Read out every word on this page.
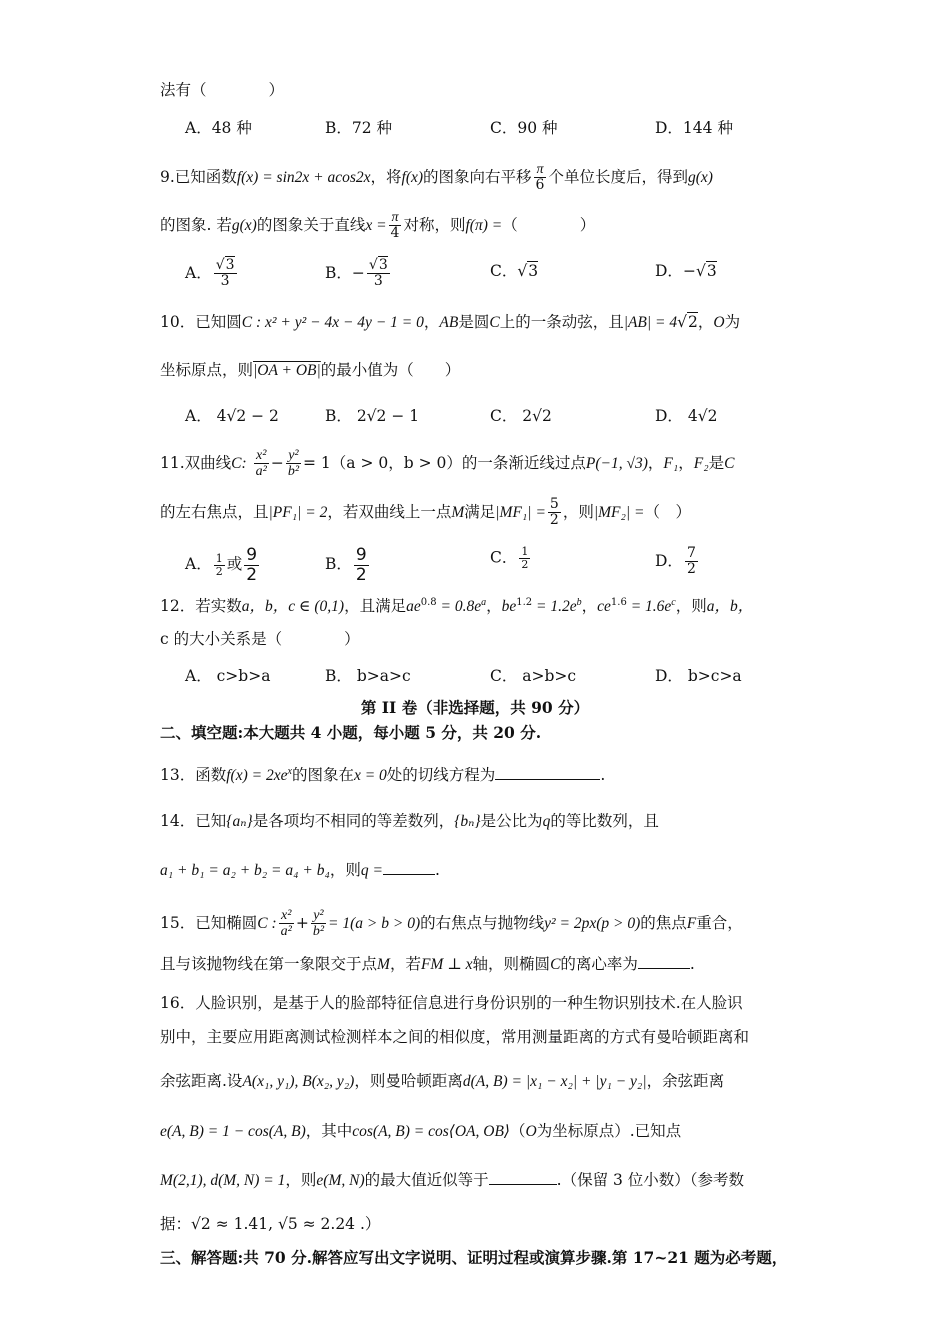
法有（　　　　）
A．48 种	B．72 种	C．90 种	D．144 种
9.已知函数f(x) = sin2x + acos2x，将f(x)的图象向右平移 $\frac{\pi}{6}$ 个单位长度后，得到g(x)
的图象. 若g(x)的图象关于直线$x = \frac{\pi}{4}$ 对称，则f(π) =（　　　　）
A． $\frac{√3}{3}$	B．− $\frac{√3}{3}$	C．√3	D．−√3
10．已知圆C : x² + y² − 4x − 4y − 1 = 0，AB是圆C上的一条动弦，且|AB| = 4√2，O为
坐标原点，则|OA + OB|的最小值为（　　）
A． 4√2 − 2	B． 2√2 − 1	C． 2√2	D． 4√2
11.双曲线C: $\frac{\text{x²}}{\text{a²}} - \frac{\text{y²}}{\text{b²}} = 1(a > 0$，b > 0）的一条渐近线过点P(−1, √3)，F₁，F₂是C
的左右焦点，且|PF₁| = 2，若双曲线上一点M满足$|MF_1| = \frac{5}{2}$ ，则|MF₂| =（　）
A． $\frac{1}{2}$ 或 $\frac{9}{2}$	B． $\frac{9}{2}$	C． $\frac{1}{2}$	D． $\frac{7}{2}$
12．若实数a，b，c ∈ (0,1)，且满足$ae^{0.8} = 0.8e^a$，$be^{1.2} = 1.2e^b$，$ce^{1.6} = 1.6e^c$，则a，b，
c 的大小关系是（　　　　）
A． c>b>a	B． b>a>c	C． a>b>c	D． b>c>a
第 II 卷（非选择题，共 90 分）
二、填空题:本大题共 4 小题，每小题 5 分，共 20 分.
13．函数$f(x) = 2xe^x$的图象在x = 0处的切线方程为	.
14．已知{aₙ}是各项均不相同的等差数列，{bₙ}是公比为q的等比数列，且
a₁ + b₁ = a₂ + b₂ = a₄ + b₄，则q =	.
15．已知椭圆C : $\frac{\text{x²}}{\text{a²}} + \frac{\text{y²}}{\text{b²}} = 1(a > b > 0)$的右焦点与抛物线y² = 2px(p > 0)的焦点F重合，
且与该抛物线在第一象限交于点M，若FM ⊥ x轴，则椭圆C的离心率为	.
16．人脸识别，是基于人的脸部特征信息进行身份识别的一种生物识别技术.在人脸识
别中，主要应用距离测试检测样本之间的相似度，常用测量距离的方式有曼哈顿距离和
余弦距离.设A(x₁, y₁), B(x₂, y₂)，则曼哈顿距离d(A, B) = |x₁ − x₂| + |y₁ − y₂|，余弦距离
e(A, B) = 1 − cos(A, B)，其中cos(A, B) = cos⟨OA, OB⟩（O为坐标原点）.已知点
M(2,1), d(M, N) = 1，则e(M, N)的最大值近似等于	.（保留 3 位小数）（参考数
据：√2 ≈ 1.41, √5 ≈ 2.24 .）
三、解答题:共 70 分.解答应写出文字说明、证明过程或演算步骤.第 17~21 题为必考题，
